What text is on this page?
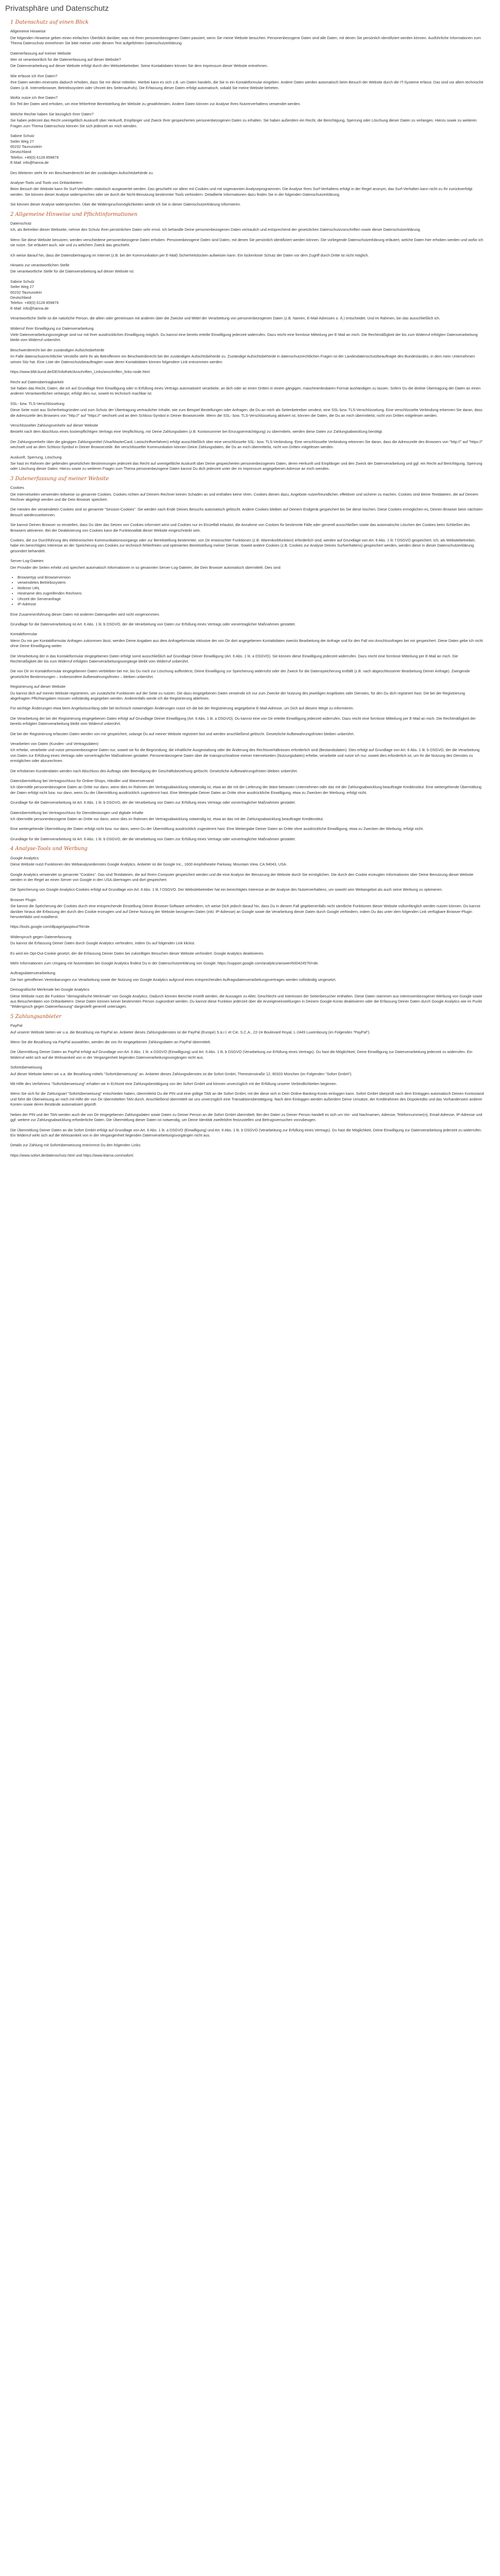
Privatsphäre und Datenschutz
1 Datenschutz auf einen Blick
Allgemeine Hinweise

Die folgenden Hinweise geben einen einfachen Überblick darüber, was mit Ihren personenbezogenen Daten passiert, wenn Sie meine Website besuchen. Personenbezogene Daten sind alle Daten, mit denen Sie persönlich identifiziert werden können. Ausführliche Informationen zum Thema Datenschutz entnehmen Sie bitte meiner unter diesem Text aufgeführten Datenschutzerklärung.

Datenerfassung auf meiner Website
Wer ist verantwortlich für die Datenerfassung auf dieser Website?

Die Datenverarbeitung auf dieser Website erfolgt durch den Websitebetreiber. Seine Kontaktdaten können Sie dem Impressum dieser Website entnehmen.

Wie erfasse ich Ihre Daten?

Ihre Daten werden einerseits dadurch erhoben, dass Sie mir diese mitteilen. Hierbei kann es sich z.B. um Daten handeln, die Sie in ein Kontaktformular eingeben. Andere Daten werden automatisch beim Besuch der Website durch die IT-Systeme erfasst. Das sind vor allem technische Daten (z.B. Internetbrowser, Betriebssystem oder Uhrzeit des Seitenaufrufs). Die Erfassung dieser Daten erfolgt automatisch, sobald Sie meine Website betreten.

Wofür nutze ich Ihre Daten?

Ein Teil der Daten wird erhoben, um eine fehlerfreie Bereitstellung der Website zu gewährleisten. Andere Daten können zur Analyse Ihres Nutzerverhaltens verwendet werden.

Welche Rechte haben Sie bezüglich Ihrer Daten?

Sie haben jederzeit das Recht unentgeltlich Auskunft über Herkunft, Empfänger und Zweck Ihrer gespeicherten personenbezogenen Daten zu erhalten. Sie haben außerdem ein Recht, die Berichtigung, Sperrung oder Löschung dieser Daten zu verlangen. Hierzu sowie zu weiteren Fragen zum Thema Datenschutz können Sie sich jederzeit an mich wenden.

Sabine Schulz
Seiler Weg 27
65232 Taunusstein
Deutschland
Telefon: +49(0) 6128 859879
E-Mail: info@hanna.de

Des Weiteren steht Ihr ein Beschwerderecht bei der zuständigen Aufsichtsbehörde zu.

Analyse-Tools und Tools von Drittanbietern

Beim Besuch der Website kann Ihr Surf-Verhalten statistisch ausgewertet werden. Das geschieht vor allem mit Cookies und mit sogenannten Analyseprogrammen. Die Analyse Ihres Surf-Verhaltens erfolgt in der Regel anonym; das Surf-Verhalten kann nicht zu Ihr zurückverfolgt werden. Sie können dieser Analyse widersprechen oder sie durch die Nicht-Benutzung bestimmter Tools verhindern. Detaillierte Informationen dazu finden Sie in der folgenden Datenschutzerklärung.

Sie können dieser Analyse widersprechen. Über die Widerspruchsmöglichkeiten werde ich Sie in dieser Datenschutzerklärung informieren.

2 Allgemeine Hinweise und Pflichtinformationen
Datenschutz

Ich, als Betreiber dieser Webseite, nehme den Schutz Ihrer persönlichen Daten sehr ernst. Ich behandle Deine personenbezogenen Daten vertraulich und entsprechend der gesetzlichen Datenschutzvorschriften sowie dieser Datenschutzerklärung.

Wenn Sie diese Website benutzen, werden verschiedene personenbezogene Daten erhoben. Personenbezogene Daten sind Daten, mit denen Sie persönlich identifiziert werden können. Die vorliegende Datenschutzerklärung erläutert, welche Daten hier erhoben werden und wofür ich sie nutze. Sie erläutert auch, wie und zu welchem Zweck das geschieht.

Ich weise darauf hin, dass die Datenübertragung im Internet (z.B. bei der Kommunikation per E-Mail) Sicherheitslücken aufweisen kann. Ein lückenloser Schutz der Daten vor dem Zugriff durch Dritte ist nicht möglich.

Hinweis zur verantwortlichen Stelle

Die verantwortliche Stelle für die Datenverarbeitung auf dieser Website ist:

Sabine Schulz
Seiler Weg 27
65232 Taunusstein
Deutschland
Telefon: +49(0) 6128 859879
E-Mail: info@hanna.de

Verantwortliche Stelle ist die natürliche Person, die allein oder gemeinsam mit anderen über die Zwecke und Mittel der Verarbeitung von personenbezogenen Daten (z.B. Namen, E-Mail-Adressen o. Ä.) entscheidet. Und im Rahmen, bin das ausschließlich ich.

Widerruf Ihrer Einwilligung zur Datenverarbeitung

Viele Datenverarbeitungsvorgänge sind nur mit Ihrer ausdrücklichen Einwilligung möglich. Du kannst eine bereits erteilte Einwilligung jederzeit widerrufen. Dazu reicht eine formlose Mitteilung per E-Mail an mich. Die Rechtmäßigkeit der bis zum Widerruf erfolgten Datenverarbeitung bleibt vom Widerruf unberührt.

Beschwerderecht bei der zuständigen Aufsichtsbehörde

Im Falle datenschutzrechtlicher Verstöße steht Ihr als Betroffenem ein Beschwerderecht bei der zuständigen Aufsichtsbehörde zu. Zuständige Aufsichtsbehörde in datenschutzrechtlichen Fragen ist der Landesdatenschutzbeauftragte des Bundeslandes, in dem mein Unternehmen seinen Sitz hat. Eine Liste der Datenschutzbeauftragten sowie deren Kontaktdaten können folgendem Link entnommen werden:

https://www.bfdi.bund.de/DE/Infothek/Anschriften_Links/anschriften_links-node.html.

Recht auf Datenübertragbarkeit

Sie haben das Recht, Daten, die ich auf Grundlage Ihrer Einwilligung oder in Erfüllung eines Vertrags automatisiert verarbeite, an dich oder an einen Dritten in einem gängigen, maschinenlesbaren Format aushändigen zu lassen. Sofern Du die direkte Übertragung der Daten an einen anderen Verantwortlichen verlangst, erfolgt dies nur, soweit es technisch machbar ist.

SSL- bzw. TLS-Verschlüsselung

Diese Seite nutzt aus Sicherheitsgründen und zum Schutz der Übertragung vertraulicher Inhalte, wie zum Beispiel Bestellungen oder Anfragen, die Du an mich als Seitenbetreiber sendest, eine SSL-bzw. TLS-Verschlüsselung. Eine verschlüsselte Verbindung erkennen Sie daran, dass die Adresszeile des Browsers von "http://" auf "https://" wechselt und an dem Schloss-Symbol in Deiner Browserzeile. Wenn die SSL- bzw. TLS-Verschlüsselung aktiviert ist, können die Daten, die Du an mich übermittelst, nicht von Dritten mitgelesen werden.

Verschlüsselter Zahlungsverkehr auf dieser Website

Besteht nach dem Abschluss eines kostenpflichtigen Vertrags eine Verpflichtung, mir Deine Zahlungsdaten (z.B. Kontonummer bei Einzugsermächtigung) zu übermitteln, werden diese Daten zur Zahlungsabwicklung benötigt.

Der Zahlungsverkehr über die gängigen Zahlungsmittel (Visa/MasterCard, Lastschriftverfahren) erfolgt ausschließlich über eine verschlüsselte SSL- bzw. TLS-Verbindung. Eine verschlüsselte Verbindung erkennen Sie daran, dass die Adresszeile des Browsers von "http://" auf "https://" wechselt und an dem Schloss-Symbol in Deiner Browserzeile. Bei verschlüsselter Kommunikation können Deine Zahlungsdaten, die Du an mich übermittelst, nicht von Dritten mitgelesen werden.

Auskunft, Sperrung, Löschung

Sie hast im Rahmen der geltenden gesetzlichen Bestimmungen jederzeit das Recht auf unentgeltliche Auskunft über Deine gespeicherten personenbezogenen Daten, deren Herkunft und Empfänger und den Zweck der Datenverarbeitung und ggf. ein Recht auf Berichtigung, Sperrung oder Löschung dieser Daten. Hierzu sowie zu weiteren Fragen zum Thema personenbezogene Daten kannst Du dich jederzeit unter der im Impressum angegebenen Adresse an mich wenden.

3 Datenerfassung auf meiner Website
Cookies

Die Internetseiten verwenden teilweise so genannte Cookies. Cookies richten auf Deinem Rechner keinen Schaden an und enthalten keine Viren. Cookies dienen dazu, Angebote nutzerfreundlicher, effektiver und sicherer zu machen. Cookies sind kleine Textdateien, die auf Deinem Rechner abgelegt werden und die Dein Browser speichert.

Die meisten der verwendeten Cookies sind so genannte "Session-Cookies". Sie werden nach Ende Deines Besuchs automatisch gelöscht. Andere Cookies bleiben auf Deinem Endgerät gespeichert bis Sie diese löschen. Diese Cookies ermöglichen es, Deinen Browser beim nächsten Besuch wiederzuerkennen.

Sie kannst Deinen Browser so einstellen, dass Du über das Setzen von Cookies informiert wirst und Cookies nur im Einzelfall erlaubst, die Annahme von Cookies für bestimmte Fälle oder generell ausschließen sowie das automatische Löschen der Cookies beim Schließen des Browsers aktivieren. Bei der Deaktivierung von Cookies kann die Funktionalität dieser Website eingeschränkt sein.

Cookies, die zur Durchführung des elektronischen Kommunikationsvorgangs oder zur Bereitstellung bestimmter, von Dir erwünschter Funktionen (z.B. Warenkorbfunktion) erforderlich sind, werden auf Grundlage von Art. 6 Abs. 1 lit. f DSGVO gespeichert. Ich, als Websitebetreiber, habe ein berechtigtes Interesse an der Speicherung von Cookies zur technisch fehlerfreien und optimierten Bereitstellung meiner Dienste. Soweit andere Cookies (z.B. Cookies zur Analyse Deines Surfverhaltens) gespeichert werden, werden diese in dieser Datenschutzerklärung gesondert behandelt.

Server-Log-Dateien

Der Provider der Seiten erhebt und speichert automatisch Informationen in so genannten Server-Log-Dateien, die Dein Browser automatisch übermittelt. Dies sind:

• Browsertyp und Browserversion
• verwendetes Betriebssystem
• Referrer URL
• Hostname des zugreifenden Rechners
• Uhrzeit der Serveranfrage
• IP-Adresse

Eine Zusammenführung dieser Daten mit anderen Datenquellen wird nicht vorgenommen.

Grundlage für die Datenverarbeitung ist Art. 6 Abs. 1 lit. b DSGVO, der die Verarbeitung von Daten zur Erfüllung eines Vertrags oder vorvertraglicher Maßnahmen gestattet.

Kontaktformular

Wenn Du mir per Kontaktformular Anfragen zukommen lässt, werden Deine Angaben aus dem Anfrageformular inklusive der von Dir dort angegebenen Kontaktdaten zwecks Bearbeitung der Anfrage und für den Fall von Anschlussfragen bei mir gespeichert. Diese Daten gebe ich nicht ohne Deine Einwilligung weiter.

Die Verarbeitung der in das Kontaktformular eingegebenen Daten erfolgt somit ausschließlich auf Grundlage Deiner Einwilligung (Art. 6 Abs. 1 lit. a DSGVO). Sie können diese Einwilligung jederzeit widerrufen. Dazu reicht eine formlose Mitteilung per E-Mail an mich. Die Rechtmäßigkeit der bis zum Widerruf erfolgten Datenverarbeitungsvorgänge bleibt vom Widerruf unberührt.

Die von Dir im Kontaktformular eingegebenen Daten verbleiben bei mir, bis Du mich zur Löschung aufforderst, Deine Einwilligung zur Speicherung widerrufst oder der Zweck für die Datenspeicherung entfällt (z.B. nach abgeschlossener Bearbeitung Deiner Anfrage). Zwingende gesetzliche Bestimmungen – insbesondere Aufbewahrungsfristen – bleiben unberührt.

Registrierung auf dieser Website

Du kannst dich auf meiner Website registrieren, um zusätzliche Funktionen auf der Seite zu nutzen. Die dazu eingegebenen Daten verwende ich nur zum Zwecke der Nutzung des jeweiligen Angebotes oder Dienstes, für den Du dich registriert hast. Die bei der Registrierung abgefragten Pflichtangaben müssen vollständig angegeben werden. Anderenfalls werde ich die Registrierung ablehnen.

Für wichtige Änderungen etwa beim Angebotsumfang oder bei technisch notwendigen Änderungen nutze ich die bei der Registrierung angegebene E-Mail-Adresse, um Dich auf diesem Wege zu informieren.

Die Verarbeitung der bei der Registrierung eingegebenen Daten erfolgt auf Grundlage Deiner Einwilligung (Art. 6 Abs. 1 lit. a DSGVO). Du kannst eine von Dir erteilte Einwilligung jederzeit widerrufen. Dazu reicht eine formlose Mitteilung per E-Mail an mich. Die Rechtmäßigkeit der bereits erfolgten Datenverarbeitung bleibt vom Widerruf unberührt.

Die bei der Registrierung erfassten Daten werden von mir gespeichert, solange Du auf meiner Website registriert bist und werden anschließend gelöscht. Gesetzliche Aufbewahrungsfristen bleiben unberührt.

Verarbeiten von Daten (Kunden- und Vertragsdaten)

Ich erhebe, verarbeite und nutze personenbezogene Daten nur, soweit sie für die Begründung, die inhaltliche Ausgestaltung oder die Änderung des Rechtsverhältnisses erforderlich sind (Bestandsdaten). Dies erfolgt auf Grundlage von Art. 6 Abs. 1 lit. b DSGVO, der die Verarbeitung von Daten zur Erfüllung eines Vertrags oder vorvertraglicher Maßnahmen gestattet. Personenbezogene Daten über die Inanspruchnahme meiner Internetseiten (Nutzungsdaten) erhebe, verarbeite und nutze ich nur, soweit dies erforderlich ist, um Ihr die Nutzung des Dienstes zu ermöglichen oder abzurechnen.

Die erhobenen Kundendaten werden nach Abschluss des Auftrags oder Beendigung der Geschäftsbeziehung gelöscht. Gesetzliche Aufbewahrungsfristen bleiben unberührt.

Datenübermittlung bei Vertragsschluss für Online-Shops, Händler und Warenversand

Ich übermittle personenbezogene Daten an Dritte nur dann, wenn dies im Rahmen der Vertragsabwicklung notwendig ist, etwa an die mit der Lieferung der Ware betrauten Unternehmen oder das mit der Zahlungsabwicklung beauftragte Kreditinstitut. Eine weitergehende Übermittlung der Daten erfolgt nicht bzw. nur dann, wenn Du der Übermittlung ausdrücklich zugestimmt hast. Eine Weitergabe Deiner Daten an Dritte ohne ausdrückliche Einwilligung, etwa zu Zwecken der Werbung, erfolgt nicht.

Grundlage für die Datenverarbeitung ist Art. 6 Abs. 1 lit. b DSGVO, der die Verarbeitung von Daten zur Erfüllung eines Vertrags oder vorvertraglicher Maßnahmen gestattet.

Datenübermittlung bei Vertragsschluss für Dienstleistungen und digitale Inhalte

Ich übermittle personenbezogene Daten an Dritte nur dann, wenn dies im Rahmen der Vertragsabwicklung notwendig ist, etwa an das mit der Zahlungsabwicklung beauftragte Kreditinstitut.

Eine weitergehende Übermittlung der Daten erfolgt nicht bzw. nur dann, wenn Du der Übermittlung ausdrücklich zugestimmt hast. Eine Weitergabe Deiner Daten an Dritte ohne ausdrückliche Einwilligung, etwa zu Zwecken der Werbung, erfolgt nicht.

Grundlage für die Datenverarbeitung ist Art. 6 Abs. 1 lit. b DSGVO, der die Verarbeitung von Daten zur Erfüllung eines Vertrags oder vorvertraglicher Maßnahmen gestattet.

4 Analyse-Tools und Werbung
Google Analytics

Diese Website nutzt Funktionen des Webanalysedienstes Google Analytics. Anbieter ist die Google Inc., 1600 Amphitheatre Parkway, Mountain View, CA 94043, USA.

Google Analytics verwendet so genannte "Cookies". Das sind Textdateien, die auf Ihrem Computer gespeichert werden und die eine Analyse der Benutzung der Website durch Sie ermöglichen. Die durch den Cookie erzeugten Informationen über Deine Benutzung dieser Website werden in der Regel an einen Server von Google in den USA übertragen und dort gespeichert.

Die Speicherung von Google-Analytics-Cookies erfolgt auf Grundlage von Art. 6 Abs. 1 lit. f DSGVO. Der Websitebetreiber hat ein berechtigtes Interesse an der Analyse des Nutzerverhaltens, um sowohl sein Webangebot als auch seine Werbung zu optimieren.

Browser Plugin

Sie kannst die Speicherung der Cookies durch eine entsprechende Einstellung Deiner Browser-Software verhindern; ich weise Dich jedoch darauf hin, dass Du in diesem Fall gegebenenfalls nicht sämtliche Funktionen dieser Website vollumfänglich werden nutzen können. Du kannst darüber hinaus die Erfassung der durch den Cookie erzeugten und auf Deine Nutzung der Website bezogenen Daten (inkl. IP-Adresse) an Google sowie die Verarbeitung dieser Daten durch Google verhindern, indem Du das unter dem folgenden Link verfügbare Browser-Plugin herunterlädst und installierst:

https://tools.google.com/dlpage/gaoptout?hl=de.

Widerspruch gegen Datenerfassung

Du kannst die Erfassung Deiner Daten durch Google Analytics verhindern, indem Du auf folgenden Link klickst.

Es wird ein Opt-Out-Cookie gesetzt, der die Erfassung Deiner Daten bei zukünftigen Besuchen dieser Website verhindert: Google Analytics deaktivieren.

Mehr Informationen zum Umgang mit Nutzerdaten bei Google Analytics findest Du in der Datenschutzerklärung von Google: https://support.google.com/analytics/answer/6004245?hl=de.

Auftragsdatenverarbeitung

Die hier getroffenen Vereinbarungen zur Verarbeitung sowie der Nutzung von Google Analytics aufgrund eines entsprechenden Auftragsdatenverarbeitungsvertrages werden vollständig umgesetzt.

Demografische Merkmale bei Google Analytics

Diese Website nutzt die Funktion "demografische Merkmale" von Google Analytics. Dadurch können Berichte erstellt werden, die Aussagen zu Alter, Geschlecht und Interessen der Seitenbesucher enthalten. Diese Daten stammen aus interessenbezogener Werbung von Google sowie aus Besucherdaten von Drittanbietern. Diese Daten können keiner bestimmten Person zugeordnet werden. Du kannst diese Funktion jederzeit über die Anzeigeneinstellungen in Deinem Google-Konto deaktivieren oder die Erfassung Deiner Daten durch Google Analytics wie im Punkt "Widerspruch gegen Datenerfassung" dargestellt generell untersagen.

5 Zahlungsanbieter
PayPal

Auf unserer Website bieten wir u.a. die Bezahlung via PayPal an. Anbieter dieses Zahlungsdienstes ist die PayPal (Europe) S.à.r.l. et Cie, S.C.A., 22-24 Boulevard Royal, L-2449 Luxembourg (im Folgenden "PayPal").

Wenn Sie die Bezahlung via PayPal auswählen, werden die von Ihr eingegebenen Zahlungsdaten an PayPal übermittelt.

Die Übermittlung Deiner Daten an PayPal erfolgt auf Grundlage von Art. 6 Abs. 1 lit. a DSGVO (Einwilligung) und Art. 6 Abs. 1 lit. b DSGVO (Verarbeitung zur Erfüllung eines Vertrags). Du hast die Möglichkeit, Deine Einwilligung zur Datenverarbeitung jederzeit zu widerrufen. Ein Widerruf wirkt sich auf die Wirksamkeit von in der Vergangenheit liegenden Datenverarbeitungsvorgängen nicht aus.

Sofortüberweisung

Auf dieser Website bieten wir u.a. die Bezahlung mittels "Sofortüberweisung" an. Anbieter dieses Zahlungsdienstes ist die Sofort GmbH, Theresienstraße 12, 80333 München (im Folgenden "Sofort GmbH").

Mit Hilfe des Verfahrens "Sofortüberweisung" erhalten wir in Echtzeit eine Zahlungsbestätigung von der Sofort GmbH und können unverzüglich mit der Erfüllung unserer Verbindlichkeiten beginnen.

Wenn Sie sich für die Zahlungsart "Sofortüberweisung" entschieden haben, übermittelst Du die PIN und eine gültige TAN an die Sofort GmbH, mit der diese sich in Dein Online-Banking-Konto einloggen kann. Sofort GmbH überprüft nach dem Einloggen automatisch Deinen Kontostand und führt die Überweisung an mich mit Hilfe der von Dir übermittelten TAN durch. Anschließend übermittelt sie uns unverzüglich eine Transaktionsbestätigung. Nach dem Einloggen werden außerdem Deine Umsätze, der Kreditrahmen des Dispokredits und das Vorhandensein anderer Konten sowie deren Bestände automatisiert geprüft.

Neben der PIN und der TAN werden auch die von Dir eingegebenen Zahlungsdaten sowie Daten zu Deiner Person an die Sofort GmbH übermittelt. Bei den Daten zu Deiner Person handelt es sich um Vor- und Nachnamen, Adresse, Telefonnummer(n), Email-Adresse, IP-Adresse und ggf. weitere zur Zahlungsabwicklung erforderliche Daten. Die Übermittlung dieser Daten ist notwendig, um Deine Identität zweifelsfrei festzustellen und Betrugsversuchen vorzubeugen.

Die Übermittlung Deiner Daten an die Sofort GmbH erfolgt auf Grundlage von Art. 6 Abs. 1 lit. a DSGVO (Einwilligung) und Art. 6 Abs. 1 lit. b DSGVO (Verarbeitung zur Erfüllung eines Vertrags). Du hast die Möglichkeit, Deine Einwilligung zur Datenverarbeitung jederzeit zu widerrufen. Ein Widerruf wirkt sich auf die Wirksamkeit von in der Vergangenheit liegenden Datenverarbeitungsvorgängen nicht aus.

Details zur Zahlung mit Sofortüberweisung entnimmst Du den folgenden Links:

https://www.sofort.de/datenschutz.html und https://www.klarna.com/sofort/.
